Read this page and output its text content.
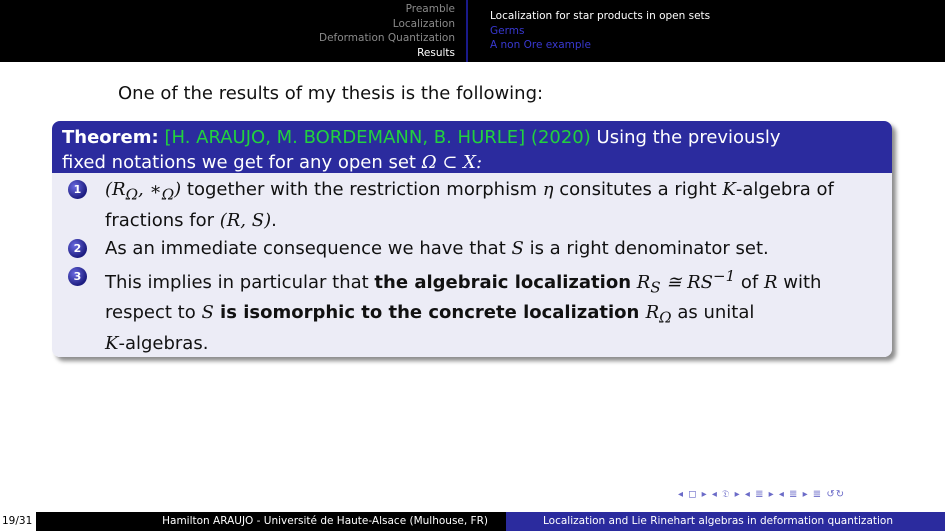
Preamble
Localization
Deformation Quantization
Results
Localization for star products in open sets
Germs
A non Ore example
One of the results of my thesis is the following:
Theorem: [H. ARAUJO, M. BORDEMANN, B. HURLE] (2020) Using the previously
fixed notations we get for any open set Ω ⊂ X:
1	($R_\Omega$, $∗_\Omega$) together with the restriction morphism η consitutes a right K-algebra of
fractions for (R, S).
2	As an immediate consequence we have that S is a right denominator set.
3	This implies in particular that the algebraic localization $R_S$ ≅ $RS^{-1}$ of R with
respect to S is isomorphic to the concrete localization $R_\Omega$ as unital
K-algebras.
◂ ◻ ▸ ◂ 𝔇 ▸ ◂ ≣ ▸ ◂ ≣ ▸ ≣ ↺↻
19/31	Hamilton ARAUJO - Université de Haute-Alsace (Mulhouse, FR)	Localization and Lie Rinehart algebras in deformation quantization
